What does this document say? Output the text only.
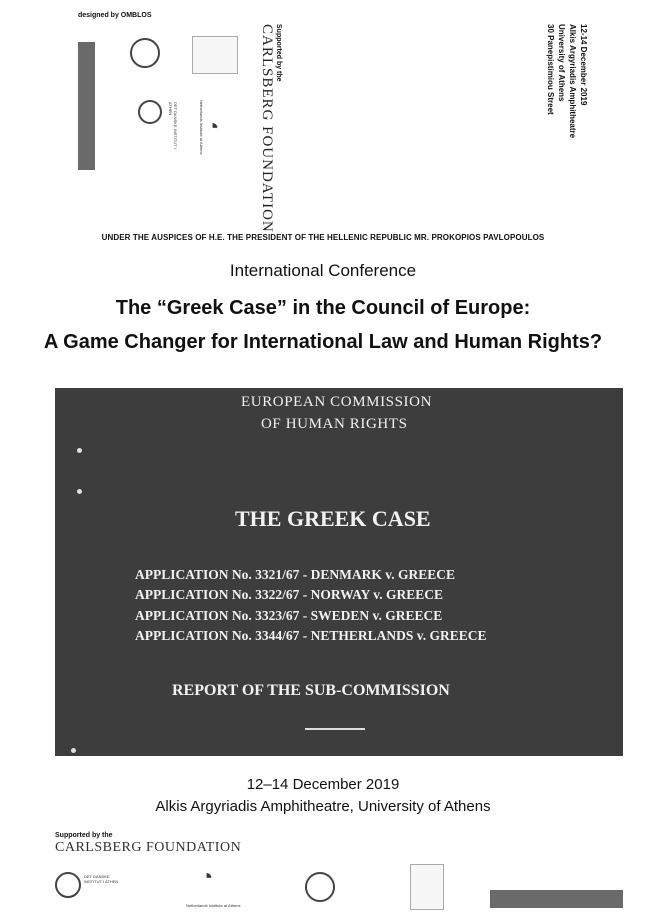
designed by OMBLOS
DET DANSKE INSTITUT I ATHEN
◔
Netherlands Institute at Athens
Supported by the
CARLSBERG FOUNDATION	12-14 December 2019
Alkis Argyriadis Amphitheatre
University of Athens
30 Panepistimiou Street
UNDER THE AUSPICES OF H.E. THE PRESIDENT OF THE HELLENIC REPUBLIC MR. PROKOPIOS PAVLOPOULOS
International Conference
The “Greek Case” in the Council of Europe:
A Game Changer for International Law and Human Rights?
EUROPEAN COMMISSION
OF HUMAN RIGHTS
THE GREEK CASE
APPLICATION No. 3321/67 - DENMARK v. GREECE
APPLICATION No. 3322/67 - NORWAY v. GREECE
APPLICATION No. 3323/67 - SWEDEN v. GREECE
APPLICATION No. 3344/67 - NETHERLANDS v. GREECE
REPORT OF THE SUB-COMMISSION
12–14 December 2019
Alkis Argyriadis Amphitheatre, University of Athens
Supported by the
CARLSBERG FOUNDATION
DET DANSKE INSTITUT I ATHEN	◔
Netherlands Institute at Athens
